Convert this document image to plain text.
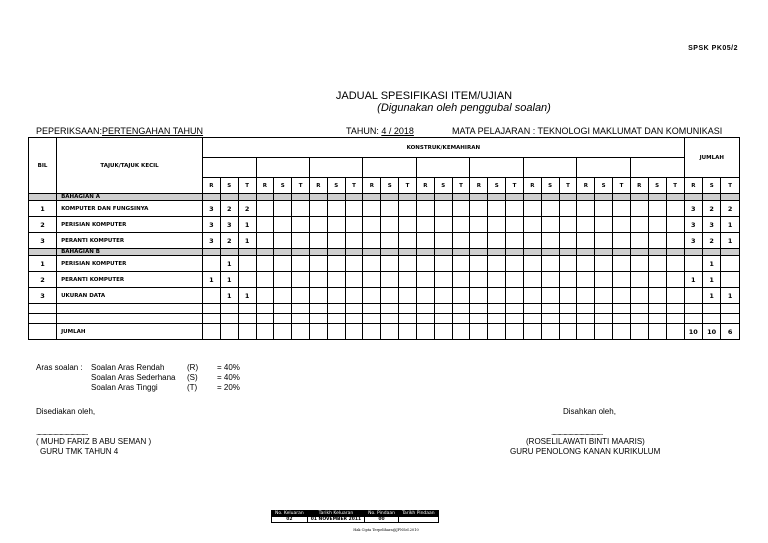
SPSK PK05/2
JADUAL SPESIFIKASI ITEM/UJIAN
(Digunakan oleh penggubal soalan)
PEPERIKSAAN:PERTENGAHAN TAHUN	TAHUN: 4 / 2018	MATA PELAJARAN : TEKNOLOGI MAKLUMAT DAN KOMUNIKASI
BIL	TAJUK/TAJUK KECIL	KONSTRUK/KEMAHIRAN																											JUMLAH		

		R	S	T	R	S	T	R	S	T	R	S	T	R	S	T	R	S	T	R	S	T	R	S	T	R	S	T	R	S	T
	BAHAGIAN A																														
1	KOMPUTER DAN FUNGSINYA	3	2	2																									3	2	2
2	PERISIAN KOMPUTER	3	3	1																									3	3	1
3	PERANTI KOMPUTER	3	2	1																									3	2	1
	BAHAGIAN B																														
1	PERISIAN KOMPUTER		1																											1	
2	PERANTI KOMPUTER	1	1																										1	1	
3	UKURAN DATA		1	1																										1	1

	JUMLAH																												10	10	6
Aras soalan : Soalan Aras Rendah	(R) = 40%
Soalan Aras Sederhana (S) = 40%
Soalan Aras Tinggi	(T) = 20%
Disediakan oleh,
..........................................
( MUHD FARIZ B ABU SEMAN )
GURU TMK TAHUN 4
Disahkan oleh,
..........................................
(ROSELILAWATI BINTI MAARIS)
GURU PENOLONG KANAN KURIKULUM
No. Keluaran	Tarikh Keluaran	No. Pindaan	Tarikh Pindaan
02	01 NOVEMBER 2011	00	
Hak Cipta Terpelihara@JPNSel.2010
